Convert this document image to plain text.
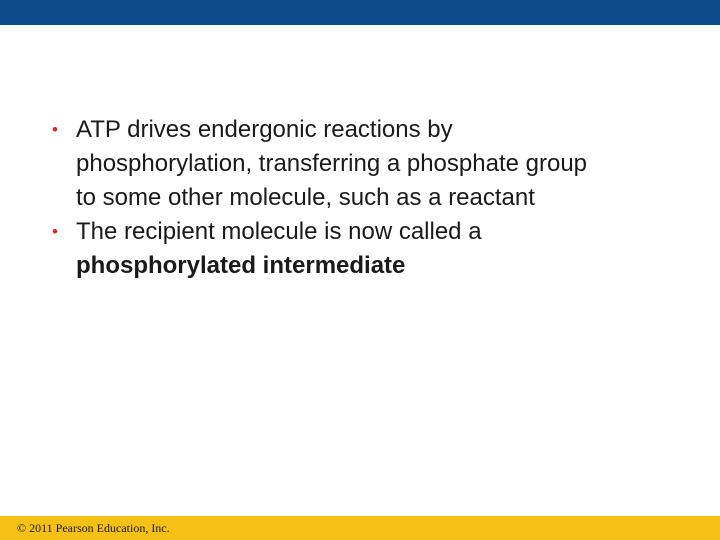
• ATP drives endergonic reactions by phosphorylation, transferring a phosphate group to some other molecule, such as a reactant
• The recipient molecule is now called a phosphorylated intermediate
© 2011 Pearson Education, Inc.
